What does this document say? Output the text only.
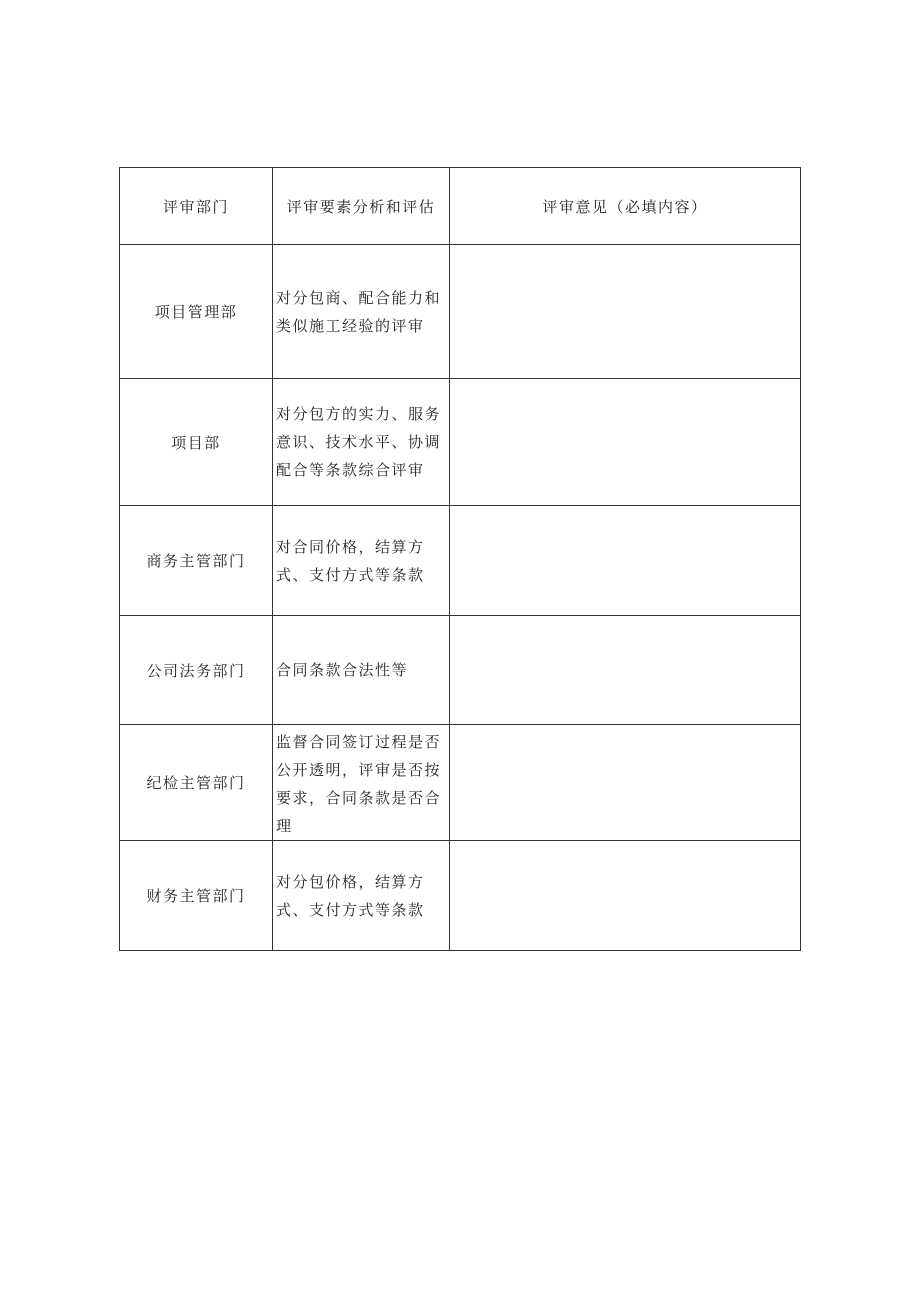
评审部门	评审要素分析和评估	评审意见（必填内容）
项目管理部	对分包商、配合能力和类似施工经验的评审	
项目部	对分包方的实力、服务意识、技术水平、协调配合等条款综合评审	
商务主管部门	对合同价格，结算方式、支付方式等条款	
公司法务部门	合同条款合法性等	
纪检主管部门	监督合同签订过程是否公开透明，评审是否按要求，合同条款是否合理	
财务主管部门	对分包价格，结算方式、支付方式等条款	
